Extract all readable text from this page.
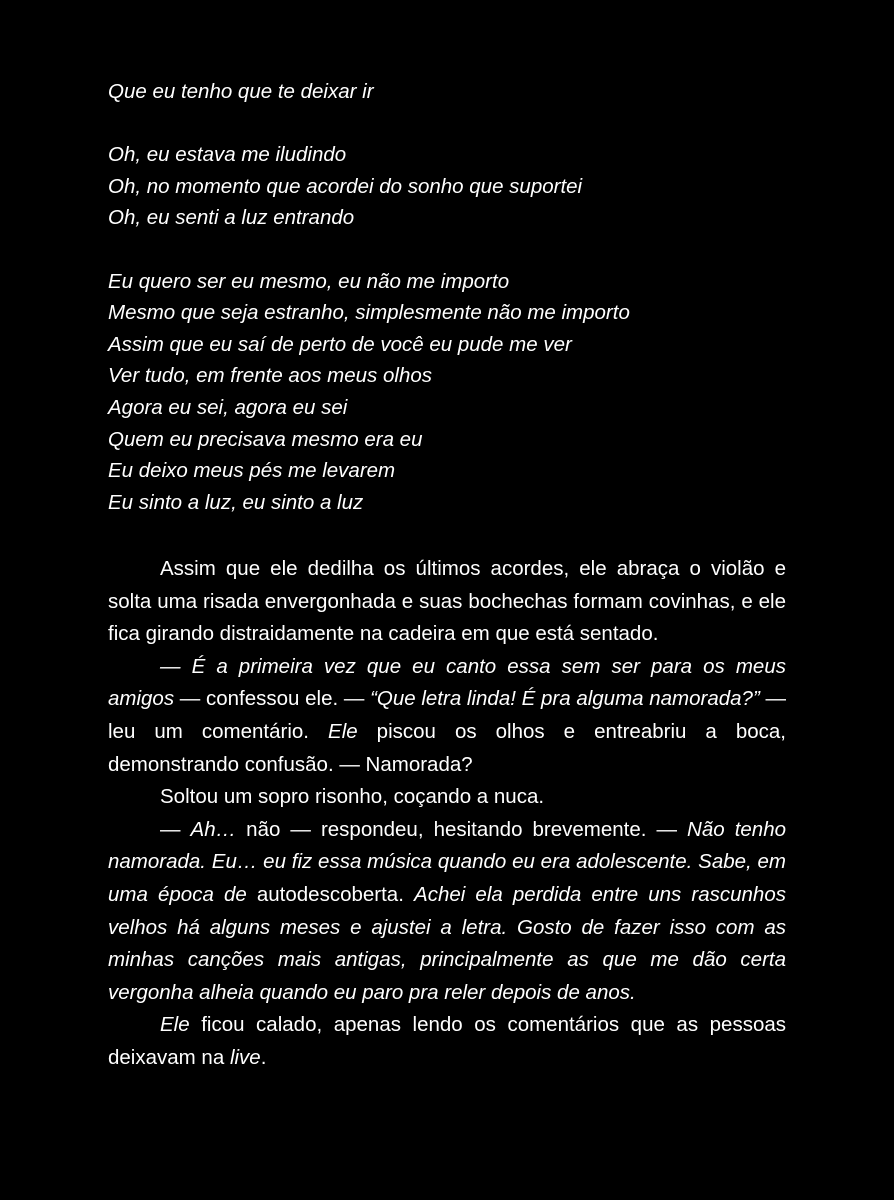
Que eu tenho que te deixar ir
Oh, eu estava me iludindo
Oh, no momento que acordei do sonho que suportei
Oh, eu senti a luz entrando
Eu quero ser eu mesmo, eu não me importo
Mesmo que seja estranho, simplesmente não me importo
Assim que eu saí de perto de você eu pude me ver
Ver tudo, em frente aos meus olhos
Agora eu sei, agora eu sei
Quem eu precisava mesmo era eu
Eu deixo meus pés me levarem
Eu sinto a luz, eu sinto a luz

Assim que ele dedilha os últimos acordes, ele abraça o violão e solta uma risada envergonhada e suas bochechas formam covinhas, e ele fica girando distraidamente na cadeira em que está sentado.

— É a primeira vez que eu canto essa sem ser para os meus amigos — confessou ele. — “Que letra linda! É pra alguma namorada?” — leu um comentário. Ele piscou os olhos e entreabriu a boca, demonstrando confusão. — Namorada?

Soltou um sopro risonho, coçando a nuca.

— Ah… não — respondeu, hesitando brevemente. — Não tenho namorada. Eu… eu fiz essa música quando eu era adolescente. Sabe, em uma época de autodescoberta. Achei ela perdida entre uns rascunhos velhos há alguns meses e ajustei a letra. Gosto de fazer isso com as minhas canções mais antigas, principalmente as que me dão certa vergonha alheia quando eu paro pra reler depois de anos.

Ele ficou calado, apenas lendo os comentários que as pessoas deixavam na live.
